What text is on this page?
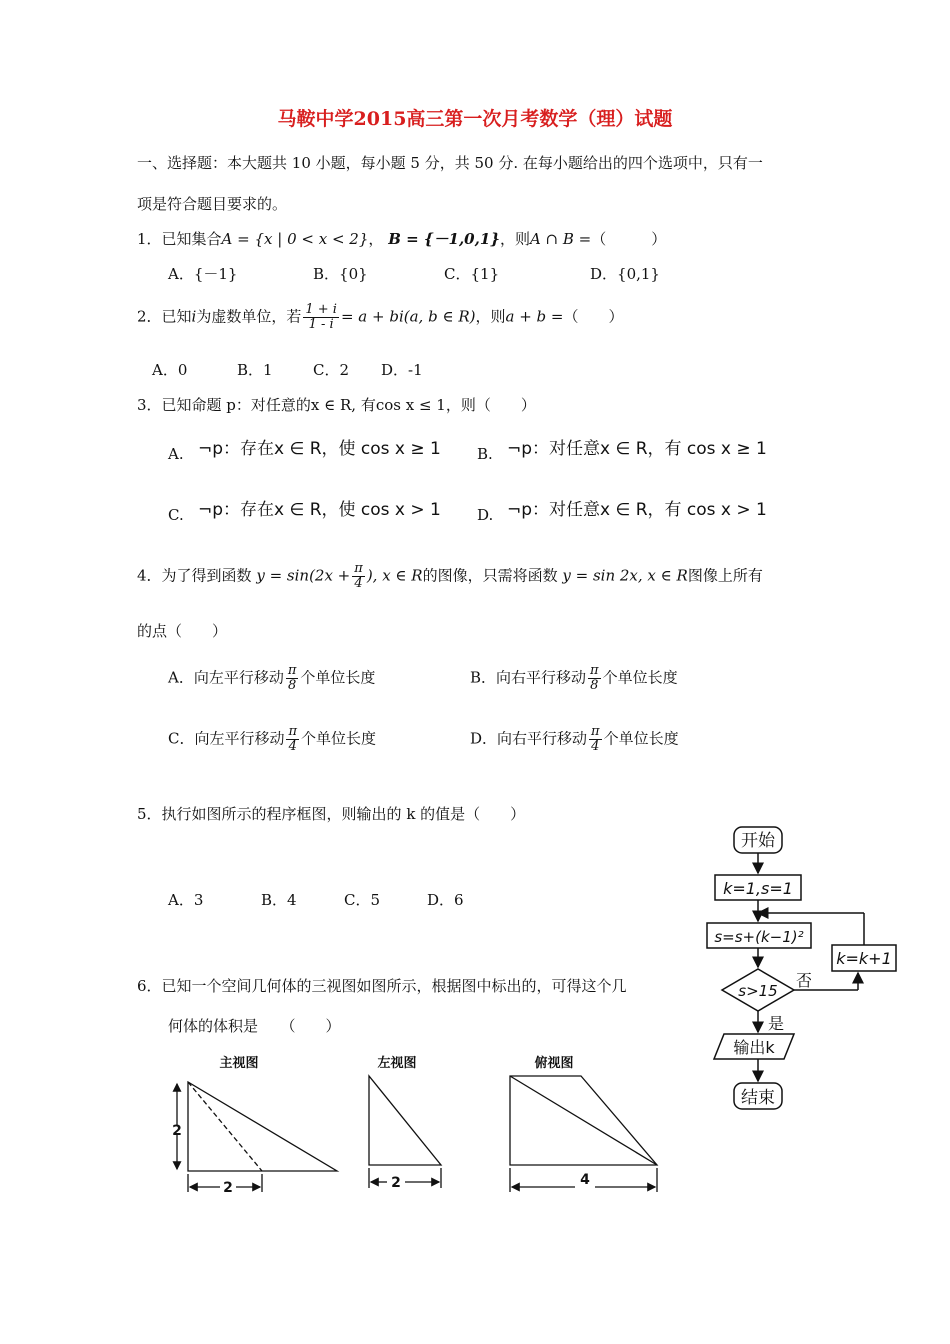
马鞍中学2015高三第一次月考数学（理）试题
一、选择题：本大题共 10 小题，每小题 5 分，共 50 分. 在每小题给出的四个选项中，只有一
项是符合题目要求的。
1．已知集合A = {x | 0 < x < 2}， B = {－1,0,1}，则A ∩ B =（　　　）
A．{－1}	B．{0}	C．{1}	D．{0,1}
2．已知i为虚数单位，若 $\frac{1 + i}{1 - i} = a + bi(a$, b ∈ R)，则a + b =（　　）
A．0	B．1	C．2 D．-1
3．已知命题 p：对任意的x ∈ R, 有cos x ≤ 1，则（　　）
A. ¬p：存在x ∈ R，使 cos x ≥ 1 B. ¬p：对任意x ∈ R，有 cos x ≥ 1
C. ¬p：存在x ∈ R，使 cos x > 1 D. ¬p：对任意x ∈ R，有 cos x > 1
4．为了得到函数 $y = \sin(2x + \frac{\pi}{4}$ ), x ∈ R的图像，只需将函数 y = sin 2x, x ∈ R图像上所有
的点（　　）
A．向左平行移动 $\frac{\pi}{8}$ 个单位长度	B．向右平行移动 $\frac{\pi}{8}$ 个单位长度
C．向左平行移动 $\frac{\pi}{4}$ 个单位长度	D．向右平行移动 $\frac{\pi}{4}$ 个单位长度
5．执行如图所示的程序框图，则输出的 k 的值是（　　）
A．3	B．4	C．5	D．6
开始
k=1,s=1
s=s+(k−1)²
s>15
否
是
k=k+1
输出k
结束
6．已知一个空间几何体的三视图如图所示，根据图中标出的，可得这个几
何体的体积是　　（　　）
主视图	左视图	俯视图
2
2	2	4
